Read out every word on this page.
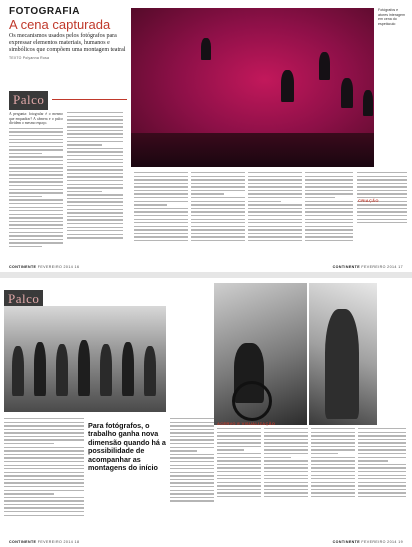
FOTOGRAFIA
A cena capturada
Os mecanismos usados pelos fotógrafos para expressar elementos materiais, humanos e simbólicos que compõem uma montagem teatral
TEXTO Polyanna Rosa
Fotógrafos e atores interagem em cena do espetáculo
Palco
A pergunta: fotografar é o mesmo que enquadrar? A câmera e o palco dividem o mesmo espaço.
CRIAÇÃO
CONTINENTE FEVEREIRO 2014 16	CONTINENTE FEVEREIRO 2014 17
Palco
Para fotógrafos, o trabalho ganha nova dimensão quando há a possibilidade de acompanhar as montagens do início
ACERVO E VISUALIZAÇÃO
CONTINENTE FEVEREIRO 2014 18	CONTINENTE FEVEREIRO 2014 19
